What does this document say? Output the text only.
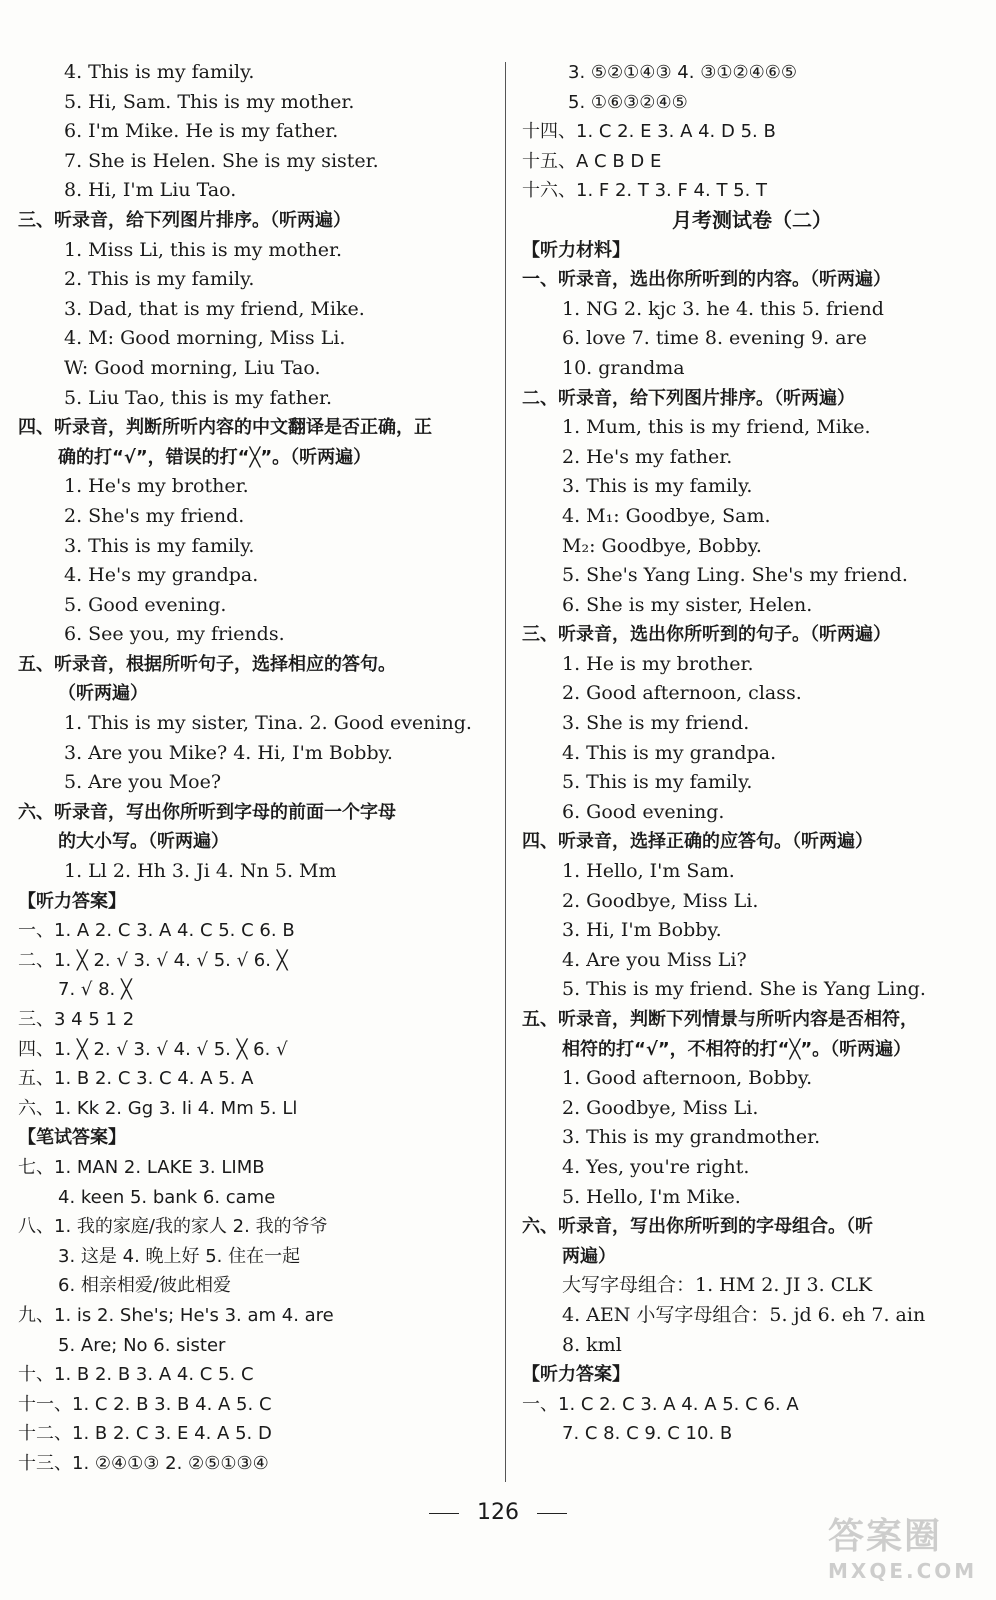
4. This is my family.
5. Hi, Sam. This is my mother.
6. I'm Mike. He is my father.
7. She is Helen. She is my sister.
8. Hi, I'm Liu Tao.
三、听录音，给下列图片排序。（听两遍）
1. Miss Li, this is my mother.
2. This is my family.
3. Dad, that is my friend, Mike.
4. M: Good morning, Miss Li.
W: Good morning, Liu Tao.
5. Liu Tao, this is my father.
四、听录音，判断所听内容的中文翻译是否正确，正
确的打“√”，错误的打“╳”。（听两遍）
1. He's my brother.
2. She's my friend.
3. This is my family.
4. He's my grandpa.
5. Good evening.
6. See you, my friends.
五、听录音，根据所听句子，选择相应的答句。
（听两遍）
1. This is my sister, Tina. 2. Good evening.
3. Are you Mike? 4. Hi, I'm Bobby.
5. Are you Moe?
六、听录音，写出你所听到字母的前面一个字母
的大小写。（听两遍）
1. Ll 2. Hh 3. Ji 4. Nn 5. Mm
【听力答案】
一、1. A 2. C 3. A 4. C 5. C 6. B
二、1. ╳ 2. √ 3. √ 4. √ 5. √ 6. ╳
7. √ 8. ╳
三、3 4 5 1 2
四、1. ╳ 2. √ 3. √ 4. √ 5. ╳ 6. √
五、1. B 2. C 3. C 4. A 5. A
六、1. Kk 2. Gg 3. Ii 4. Mm 5. Ll
【笔试答案】
七、1. MAN 2. LAKE 3. LIMB
4. keen 5. bank 6. came
八、1. 我的家庭/我的家人 2. 我的爷爷
3. 这是 4. 晚上好 5. 住在一起
6. 相亲相爱/彼此相爱
九、1. is 2. She's; He's 3. am 4. are
5. Are; No 6. sister
十、1. B 2. B 3. A 4. C 5. C
十一、1. C 2. B 3. B 4. A 5. C
十二、1. B 2. C 3. E 4. A 5. D
十三、1. ②④①③ 2. ②⑤①③④
3. ⑤②①④③ 4. ③①②④⑥⑤
5. ①⑥③②④⑤
十四、1. C 2. E 3. A 4. D 5. B
十五、A C B D E
十六、1. F 2. T 3. F 4. T 5. T
月考测试卷（二）
【听力材料】
一、听录音，选出你所听到的内容。（听两遍）
1. NG 2. kjc 3. he 4. this 5. friend
6. love 7. time 8. evening 9. are
10. grandma
二、听录音，给下列图片排序。（听两遍）
1. Mum, this is my friend, Mike.
2. He's my father.
3. This is my family.
4. M₁: Goodbye, Sam.
M₂: Goodbye, Bobby.
5. She's Yang Ling. She's my friend.
6. She is my sister, Helen.
三、听录音，选出你所听到的句子。（听两遍）
1. He is my brother.
2. Good afternoon, class.
3. She is my friend.
4. This is my grandpa.
5. This is my family.
6. Good evening.
四、听录音，选择正确的应答句。（听两遍）
1. Hello, I'm Sam.
2. Goodbye, Miss Li.
3. Hi, I'm Bobby.
4. Are you Miss Li?
5. This is my friend. She is Yang Ling.
五、听录音，判断下列情景与所听内容是否相符，
相符的打“√”，不相符的打“╳”。（听两遍）
1. Good afternoon, Bobby.
2. Goodbye, Miss Li.
3. This is my grandmother.
4. Yes, you're right.
5. Hello, I'm Mike.
六、听录音，写出你所听到的字母组合。（听
两遍）
大写字母组合：1. HM 2. JI 3. CLK
4. AEN 小写字母组合：5. jd 6. eh 7. ain
8. kml
【听力答案】
一、1. C 2. C 3. A 4. A 5. C 6. A
7. C 8. C 9. C 10. B
126
答案圈
MXQE.COM
